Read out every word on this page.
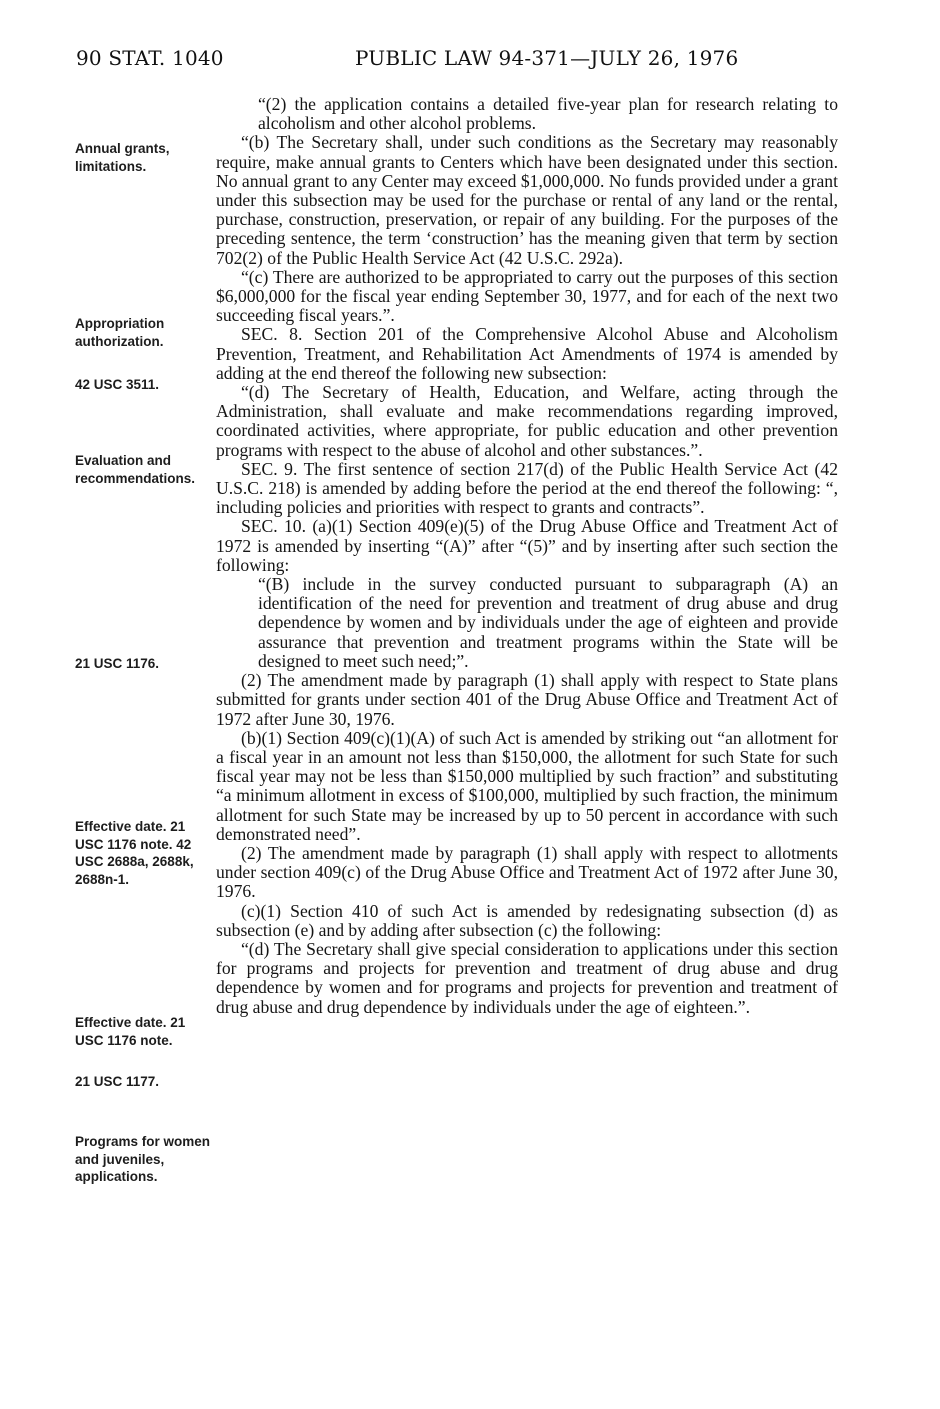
90 STAT. 1040	PUBLIC LAW 94-371—JULY 26, 1976
Annual grants, limitations.
Appropriation authorization.
42 USC 3511.
Evaluation and recommendations.
21 USC 1176.
Effective date. 21 USC 1176 note. 42 USC 2688a, 2688k, 2688n-1.
Effective date. 21 USC 1176 note.
21 USC 1177.
Programs for women and juveniles, applications.

“(2) the application contains a detailed five-year plan for research relating to alcoholism and other alcohol problems.

“(b) The Secretary shall, under such conditions as the Secretary may reasonably require, make annual grants to Centers which have been designated under this section. No annual grant to any Center may exceed $1,000,000. No funds provided under a grant under this subsection may be used for the purchase or rental of any land or the rental, purchase, construction, preservation, or repair of any building. For the purposes of the preceding sentence, the term ‘construction’ has the meaning given that term by section 702(2) of the Public Health Service Act (42 U.S.C. 292a).

“(c) There are authorized to be appropriated to carry out the purposes of this section $6,000,000 for the fiscal year ending September 30, 1977, and for each of the next two succeeding fiscal years.”.

SEC. 8. Section 201 of the Comprehensive Alcohol Abuse and Alcoholism Prevention, Treatment, and Rehabilitation Act Amendments of 1974 is amended by adding at the end thereof the following new subsection:

“(d) The Secretary of Health, Education, and Welfare, acting through the Administration, shall evaluate and make recommendations regarding improved, coordinated activities, where appropriate, for public education and other prevention programs with respect to the abuse of alcohol and other substances.”.

SEC. 9. The first sentence of section 217(d) of the Public Health Service Act (42 U.S.C. 218) is amended by adding before the period at the end thereof the following: “, including policies and priorities with respect to grants and contracts”.

SEC. 10. (a)(1) Section 409(e)(5) of the Drug Abuse Office and Treatment Act of 1972 is amended by inserting “(A)” after “(5)” and by inserting after such section the following:

“(B) include in the survey conducted pursuant to subparagraph (A) an identification of the need for prevention and treatment of drug abuse and drug dependence by women and by individuals under the age of eighteen and provide assurance that prevention and treatment programs within the State will be designed to meet such need;”.

(2) The amendment made by paragraph (1) shall apply with respect to State plans submitted for grants under section 401 of the Drug Abuse Office and Treatment Act of 1972 after June 30, 1976.

(b)(1) Section 409(c)(1)(A) of such Act is amended by striking out “an allotment for a fiscal year in an amount not less than $150,000, the allotment for such State for such fiscal year may not be less than $150,000 multiplied by such fraction” and substituting “a minimum allotment in excess of $100,000, multiplied by such fraction, the minimum allotment for such State may be increased by up to 50 percent in accordance with such demonstrated need”.

(2) The amendment made by paragraph (1) shall apply with respect to allotments under section 409(c) of the Drug Abuse Office and Treatment Act of 1972 after June 30, 1976.

(c)(1) Section 410 of such Act is amended by redesignating subsection (d) as subsection (e) and by adding after subsection (c) the following:

“(d) The Secretary shall give special consideration to applications under this section for programs and projects for prevention and treatment of drug abuse and drug dependence by women and for programs and projects for prevention and treatment of drug abuse and drug dependence by individuals under the age of eighteen.”.
